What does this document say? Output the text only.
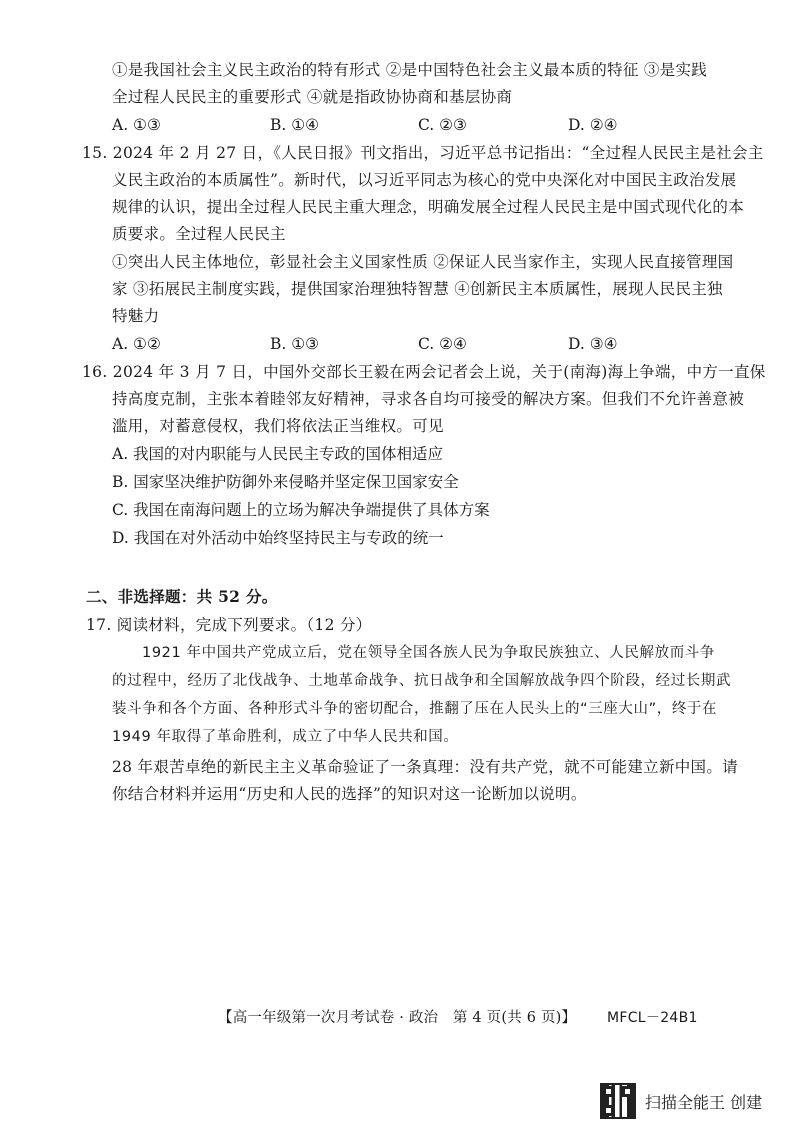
①是我国社会主义民主政治的特有形式 ②是中国特色社会主义最本质的特征 ③是实践
全过程人民民主的重要形式 ④就是指政协协商和基层协商
A. ①③	B. ①④	C. ②③	D. ②④
15. 2024 年 2 月 27 日，《人民日报》刊文指出，习近平总书记指出：“全过程人民民主是社会主
义民主政治的本质属性”。新时代，以习近平同志为核心的党中央深化对中国民主政治发展
规律的认识，提出全过程人民民主重大理念，明确发展全过程人民民主是中国式现代化的本
质要求。全过程人民民主
①突出人民主体地位，彰显社会主义国家性质 ②保证人民当家作主，实现人民直接管理国
家 ③拓展民主制度实践，提供国家治理独特智慧 ④创新民主本质属性，展现人民民主独
特魅力
A. ①②	B. ①③	C. ②④	D. ③④
16. 2024 年 3 月 7 日，中国外交部长王毅在两会记者会上说，关于(南海)海上争端，中方一直保
持高度克制，主张本着睦邻友好精神，寻求各自均可接受的解决方案。但我们不允许善意被
滥用，对蓄意侵权，我们将依法正当维权。可见
A. 我国的对内职能与人民民主专政的国体相适应
B. 国家坚决维护防御外来侵略并坚定保卫国家安全
C. 我国在南海问题上的立场为解决争端提供了具体方案
D. 我国在对外活动中始终坚持民主与专政的统一
二、非选择题：共 52 分。
17. 阅读材料，完成下列要求。（12 分）
1921 年中国共产党成立后，党在领导全国各族人民为争取民族独立、人民解放而斗争
的过程中，经历了北伐战争、土地革命战争、抗日战争和全国解放战争四个阶段，经过长期武
装斗争和各个方面、各种形式斗争的密切配合，推翻了压在人民头上的“三座大山”，终于在
1949 年取得了革命胜利，成立了中华人民共和国。
28 年艰苦卓绝的新民主主义革命验证了一条真理：没有共产党，就不可能建立新中国。请
你结合材料并运用“历史和人民的选择”的知识对这一论断加以说明。
【高一年级第一次月考试卷 · 政治　第 4 页(共 6 页)】 MFCL－24B1
扫描全能王 创建
